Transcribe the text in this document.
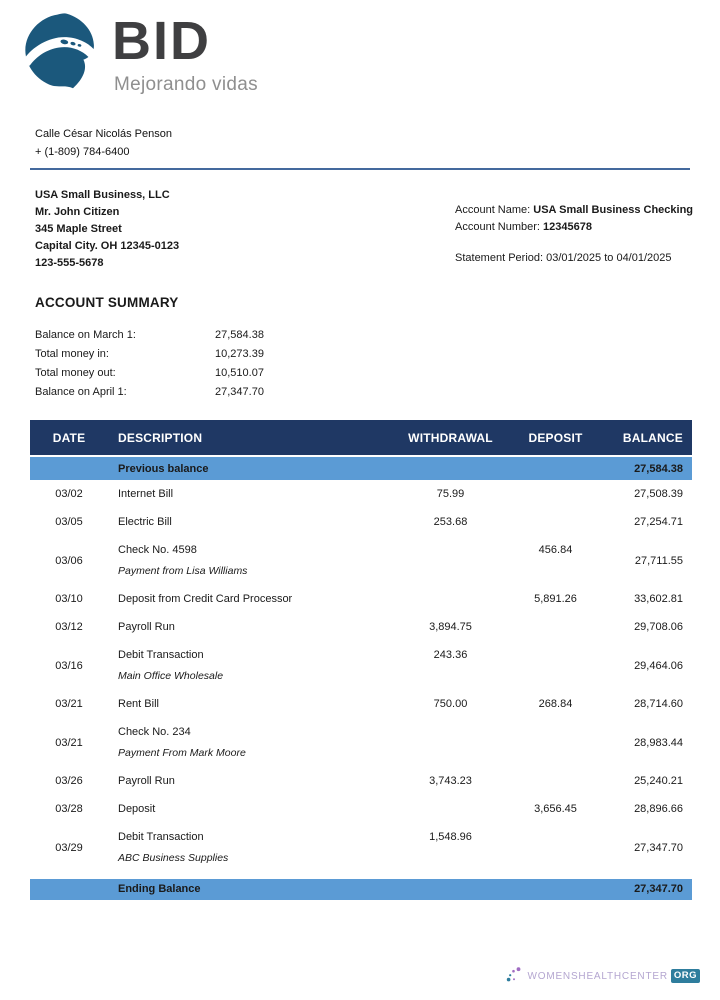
BID
Mejorando vidas
Calle César Nicolás Penson
+ (1-809) 784-6400
USA Small Business, LLC
Mr. John Citizen
345 Maple Street
Capital City. OH 12345-0123
123-555-5678
Account Name: USA Small Business Checking
Account Number: 12345678
Statement Period: 03/01/2025 to 04/01/2025
ACCOUNT SUMMARY
Balance on March 1:	27,584.38
Total money in:	10,273.39
Total money out:	10,510.07
Balance on April 1:	27,347.70
DATE	DESCRIPTION	WITHDRAWAL	DEPOSIT	BALANCE
	Previous balance			27,584.38
03/02	Internet Bill	75.99		27,508.39
03/05	Electric Bill	253.68		27,254.71
03/06	Check No. 4598
Payment from Lisa Williams		456.84	27,711.55
03/10	Deposit from Credit Card Processor		5,891.26	33,602.81
03/12	Payroll Run	3,894.75		29,708.06
03/16	Debit Transaction
Main Office Wholesale	243.36		29,464.06
03/21	Rent Bill	750.00	268.84	28,714.60
03/21	Check No. 234
Payment From Mark Moore			28,983.44
03/26	Payroll Run	3,743.23		25,240.21
03/28	Deposit		3,656.45	28,896.66
03/29	Debit Transaction
ABC Business Supplies	1,548.96		27,347.70
	Ending Balance			27,347.70
WOMENSHEALTHCENTER ORG
